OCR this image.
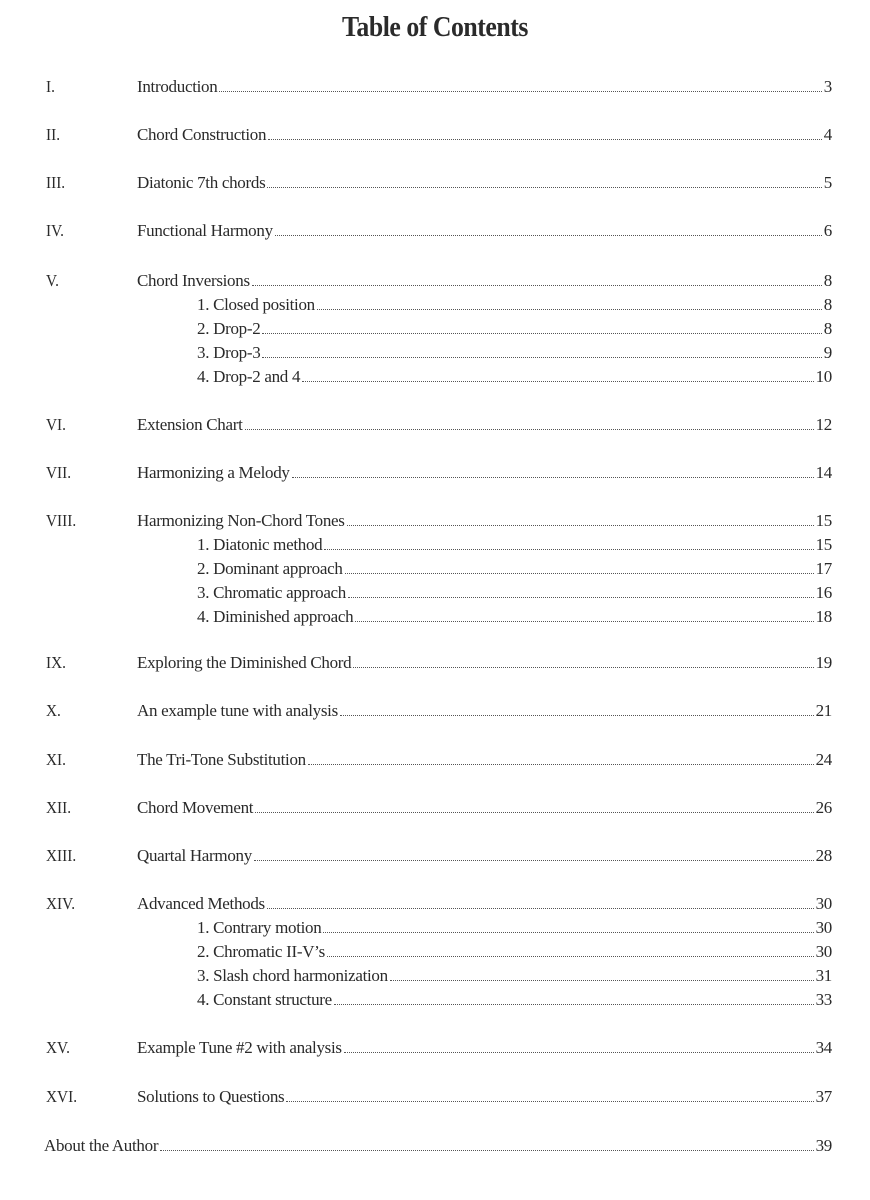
Table of Contents
I.	Introduction	3
II.	Chord Construction	4
III.	Diatonic 7th chords	5
IV.	Functional Harmony	6
V.	Chord Inversions	8
1. Closed position	8
2. Drop-2	8
3. Drop-3	9
4. Drop-2 and 4	10
VI.	Extension Chart	12
VII.	Harmonizing a Melody	14
VIII.	Harmonizing Non-Chord Tones	15
1. Diatonic method	15
2. Dominant approach	17
3. Chromatic approach	16
4. Diminished approach	18
IX.	Exploring the Diminished Chord	19
X.	An example tune with analysis	21
XI.	The Tri-Tone Substitution	24
XII.	Chord Movement	26
XIII.	Quartal Harmony	28
XIV.	Advanced Methods	30
1. Contrary motion	30
2. Chromatic II-V’s	30
3. Slash chord harmonization	31
4. Constant structure	33
XV.	Example Tune #2 with analysis	34
XVI.	Solutions to Questions	37
About the Author	39
